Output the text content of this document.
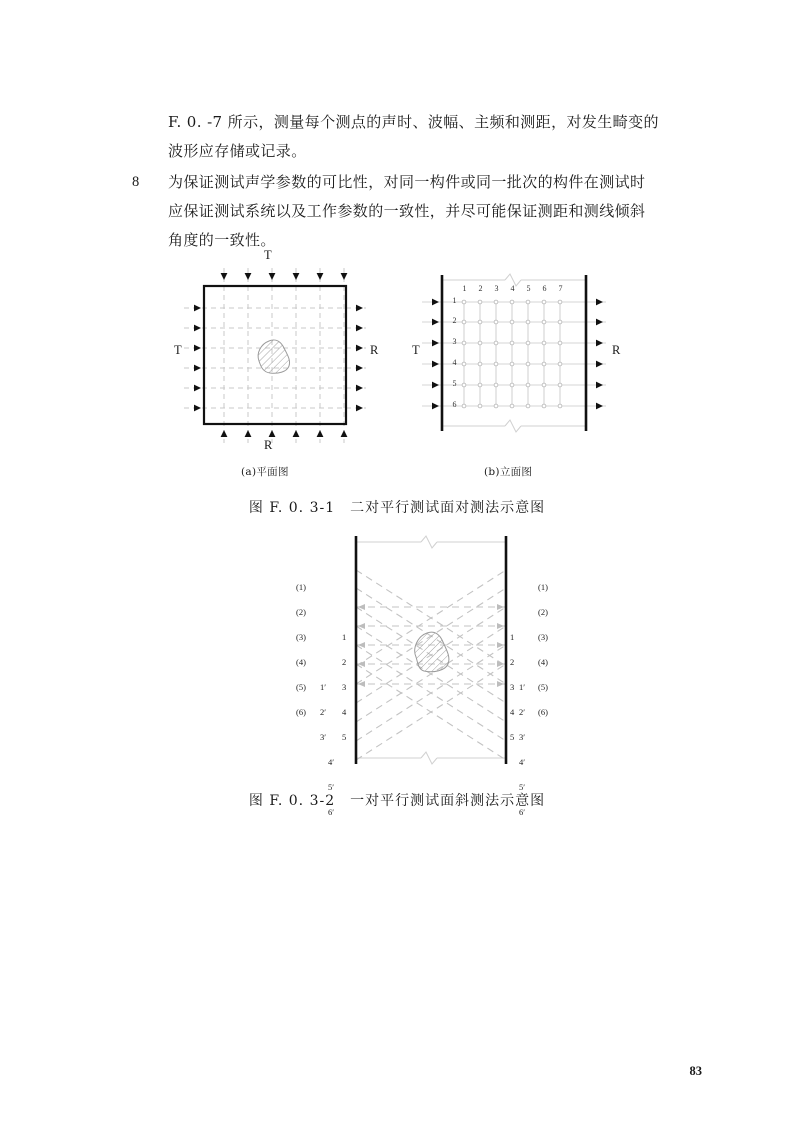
F. 0. -7 所示，测量每个测点的声时、波幅、主频和测距，对发生畸变的
波形应存储或记录。
8	为保证测试声学参数的可比性，对同一构件或同一批次的构件在测试时
应保证测试系统以及工作参数的一致性，并尽可能保证测距和测线倾斜
角度的一致性。
T
T	R
R
(a)平面图
1	2	3	4	5	6	7
1
2
3
4
5
6
T	R
(b)立面图
图 F. 0. 3-1　二对平行测试面对测法示意图
(1)
(2)
(3)
(4)
(5)
(6)
1′
2′
3′
4′
5′
6′
1
2
3
4
5
1
2
3
4
5
1′
2′
3′
4′
5′
6′
(1)
(2)
(3)
(4)
(5)
(6)
图 F. 0. 3-2　一对平行测试面斜测法示意图
83
